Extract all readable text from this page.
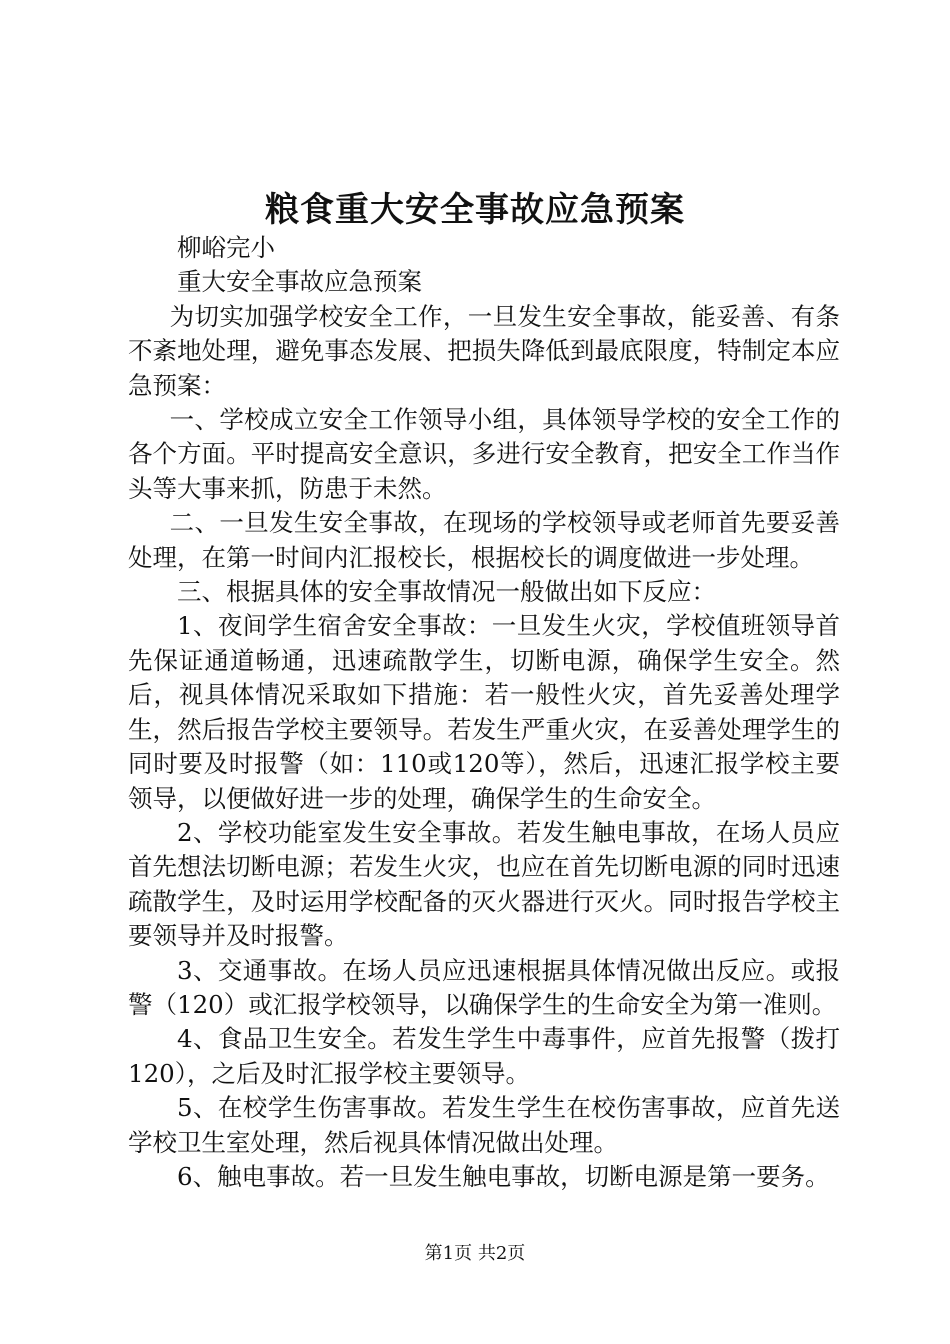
粮食重大安全事故应急预案

柳峪完小

重大安全事故应急预案

为切实加强学校安全工作，一旦发生安全事故，能妥善、有条不紊地处理，避免事态发展、把损失降低到最底限度，特制定本应急预案：

一、学校成立安全工作领导小组，具体领导学校的安全工作的各个方面。平时提高安全意识，多进行安全教育，把安全工作当作头等大事来抓，防患于未然。

二、一旦发生安全事故，在现场的学校领导或老师首先要妥善处理，在第一时间内汇报校长，根据校长的调度做进一步处理。

三、根据具体的安全事故情况一般做出如下反应：

1、夜间学生宿舍安全事故：一旦发生火灾，学校值班领导首先保证通道畅通，迅速疏散学生，切断电源，确保学生安全。然后，视具体情况采取如下措施：若一般性火灾，首先妥善处理学生，然后报告学校主要领导。若发生严重火灾，在妥善处理学生的同时要及时报警（如：110或120等），然后，迅速汇报学校主要领导，以便做好进一步的处理，确保学生的生命安全。

2、学校功能室发生安全事故。若发生触电事故，在场人员应首先想法切断电源；若发生火灾，也应在首先切断电源的同时迅速疏散学生，及时运用学校配备的灭火器进行灭火。同时报告学校主要领导并及时报警。

3、交通事故。在场人员应迅速根据具体情况做出反应。或报警（120）或汇报学校领导，以确保学生的生命安全为第一准则。

4、食品卫生安全。若发生学生中毒事件，应首先报警（拨打120），之后及时汇报学校主要领导。

5、在校学生伤害事故。若发生学生在校伤害事故，应首先送学校卫生室处理，然后视具体情况做出处理。

6、触电事故。若一旦发生触电事故，切断电源是第一要务。

第1页 共2页
